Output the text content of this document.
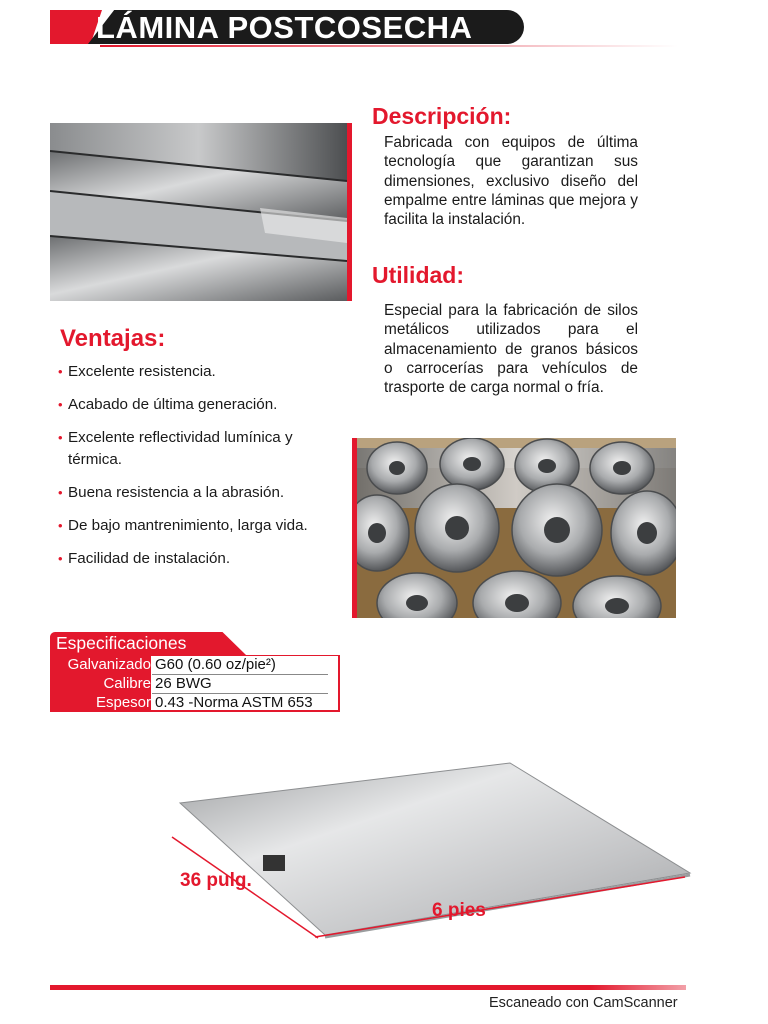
LÁMINA POSTCOSECHA
Descripción:
Fabricada con equipos de última tecnología que garantizan sus dimensiones, exclusivo diseño del empalme entre láminas que mejora y facilita la instalación.
Utilidad:
Especial para la fabricación de silos metálicos utilizados para el almacenamiento de granos básicos o carrocerías para vehículos de trasporte de carga normal o fría.
Ventajas:
• Excelente resistencia.
• Acabado de última generación.
• Excelente reflectividad lumínica y térmica.
• Buena resistencia a la abrasión.
• De bajo mantrenimiento, larga vida.
• Facilidad de instalación.
Especificaciones
Galvanizado G60 (0.60 oz/pie²)
Calibre 26 BWG
Espesor 0.43 -Norma ASTM 653
36 pulg.
6 pies
Escaneado con CamScanner
